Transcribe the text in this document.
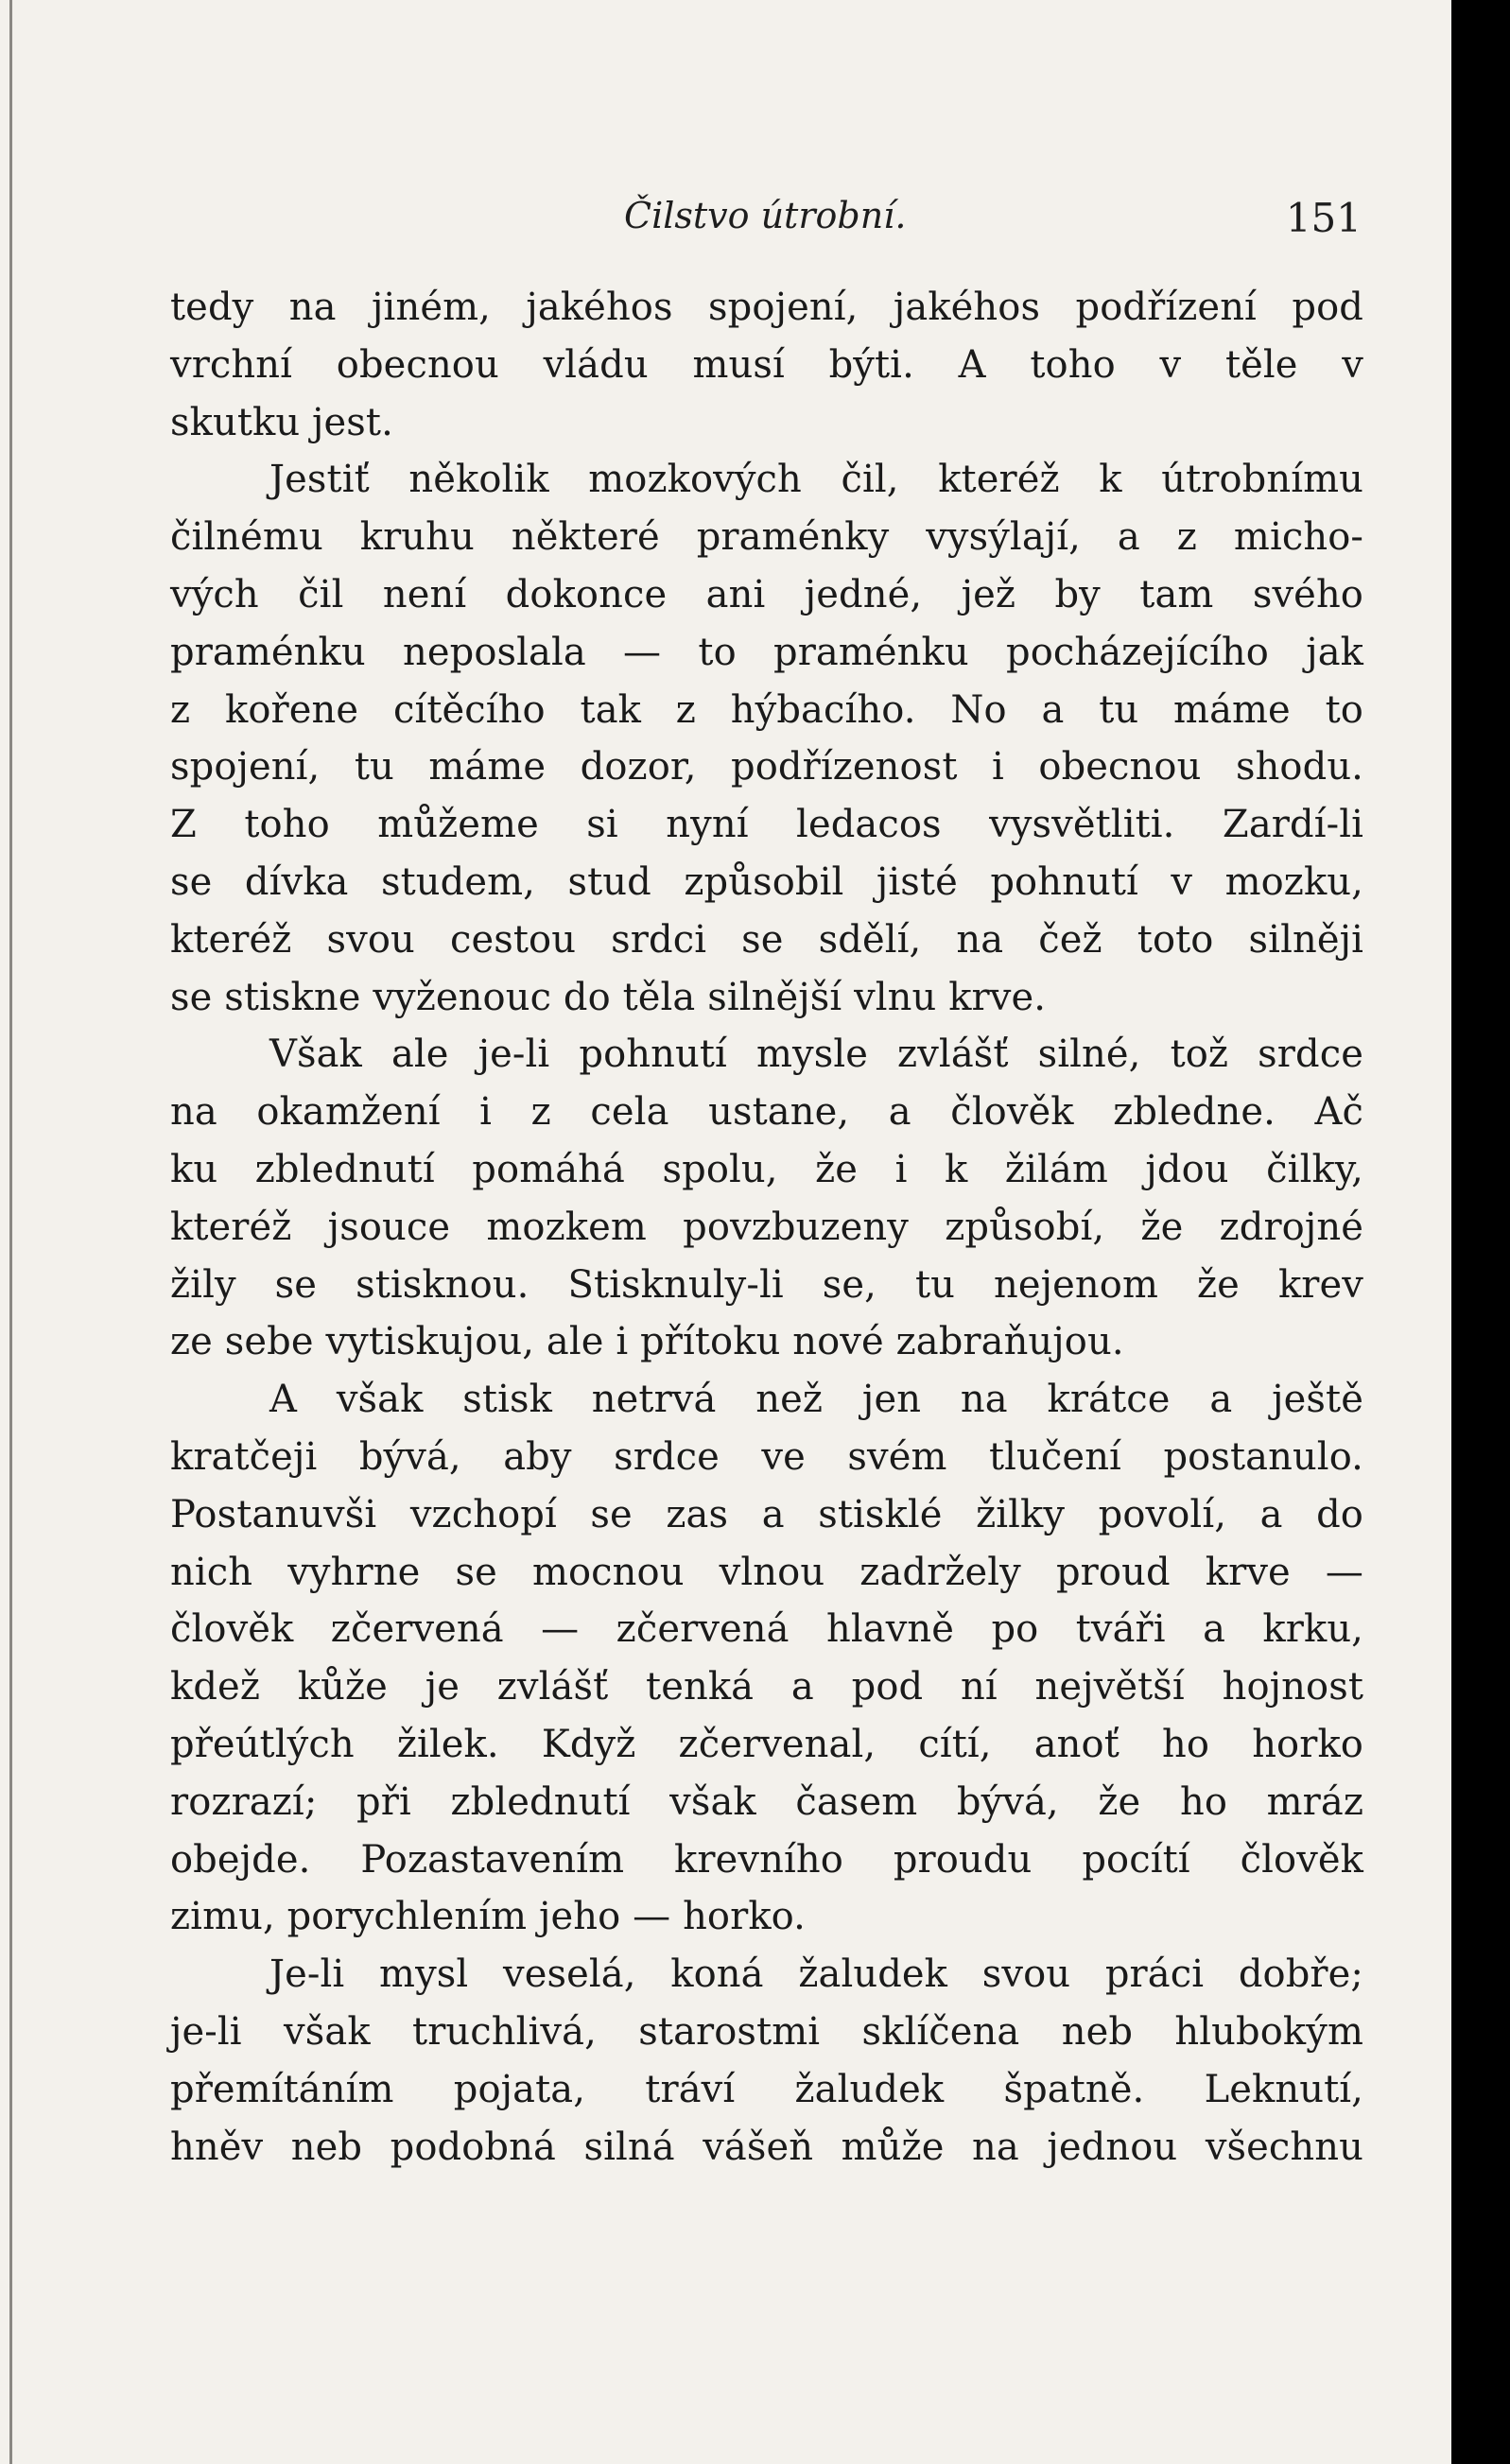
Čilstvo útrobní.	151
tedy na jiném, jakéhos spojení, jakéhos podřízení pod
vrchní obecnou vládu musí býti. A toho v těle v
skutku jest.
Jestiť několik mozkových čil, kteréž k útrobnímu
čilnému kruhu některé praménky vysýlají, a z micho-
vých čil není dokonce ani jedné, jež by tam svého
praménku neposlala — to praménku pocházejícího jak
z kořene cítěcího tak z hýbacího. No a tu máme to
spojení, tu máme dozor, podřízenost i obecnou shodu.
Z toho můžeme si nyní ledacos vysvětliti. Zardí-li
se dívka studem, stud způsobil jisté pohnutí v mozku,
kteréž svou cestou srdci se sdělí, na čež toto silněji
se stiskne vyženouc do těla silnější vlnu krve.
Však ale je-li pohnutí mysle zvlášť silné, tož srdce
na okamžení i z cela ustane, a člověk zbledne. Ač
ku zblednutí pomáhá spolu, že i k žilám jdou čilky,
kteréž jsouce mozkem povzbuzeny způsobí, že zdrojné
žily se stisknou. Stisknuly-li se, tu nejenom že krev
ze sebe vytiskujou, ale i přítoku nové zabraňujou.
A však stisk netrvá než jen na krátce a ještě
kratčeji bývá, aby srdce ve svém tlučení postanulo.
Postanuvši vzchopí se zas a stisklé žilky povolí, a do
nich vyhrne se mocnou vlnou zadržely proud krve —
člověk zčervená — zčervená hlavně po tváři a krku,
kdež kůže je zvlášť tenká a pod ní největší hojnost
přeútlých žilek. Když zčervenal, cítí, anoť ho horko
rozrazí; při zblednutí však časem bývá, že ho mráz
obejde. Pozastavením krevního proudu pocítí člověk
zimu, porychlením jeho — horko.
Je-li mysl veselá, koná žaludek svou práci dobře;
je-li však truchlivá, starostmi sklíčena neb hlubokým
přemítáním pojata, tráví žaludek špatně. Leknutí,
hněv neb podobná silná vášeň může na jednou všechnu
